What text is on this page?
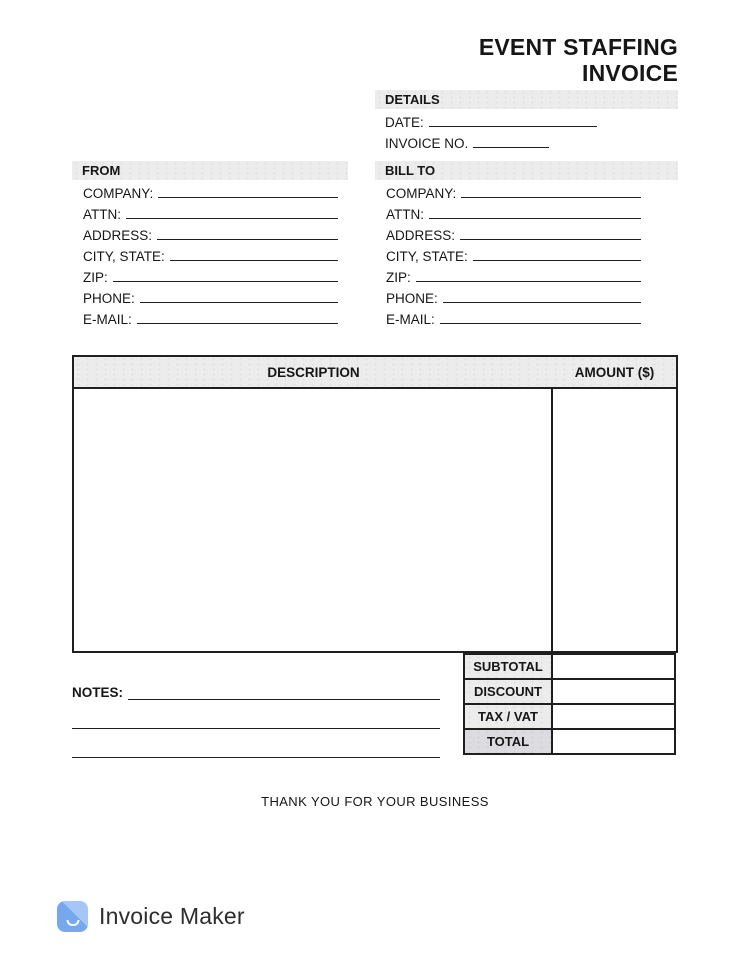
EVENT STAFFING
INVOICE
DETAILS
DATE:
INVOICE NO.
FROM
COMPANY:
ATTN:
ADDRESS:
CITY, STATE:
ZIP:
PHONE:
E-MAIL:
BILL TO
COMPANY:
ATTN:
ADDRESS:
CITY, STATE:
ZIP:
PHONE:
E-MAIL:
DESCRIPTION	AMOUNT ($)
SUBTOTAL	
DISCOUNT	
TAX / VAT	
TOTAL	
NOTES:
THANK YOU FOR YOUR BUSINESS
Invoice Maker
